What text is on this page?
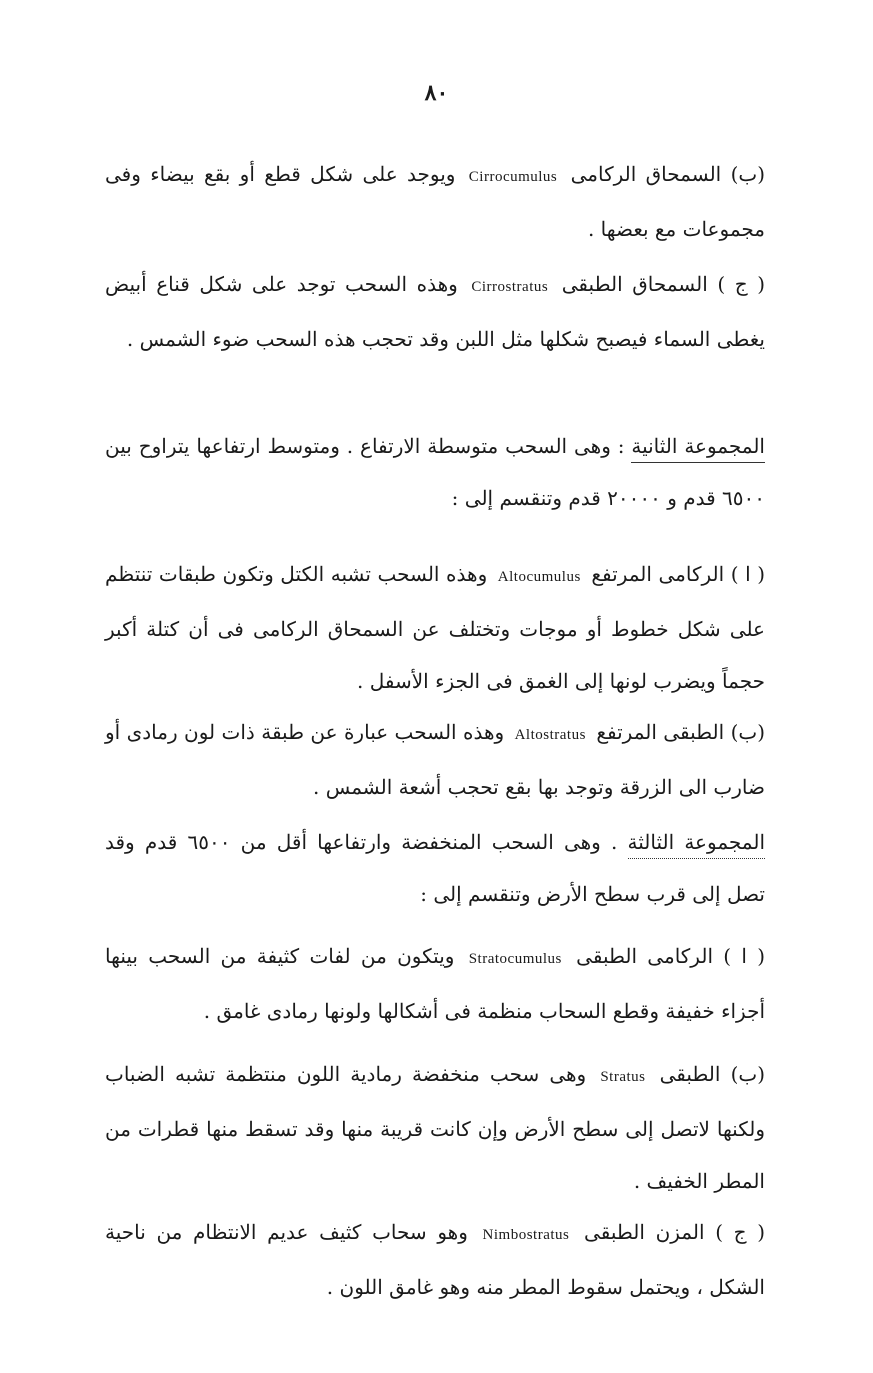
٨٠

(ب) السمحاق الركامى Cirrocumulus ويوجد على شكل قطع أو بقع بيضاء وفى مجموعات مع بعضها .

( ج ) السمحاق الطبقى Cirrostratus وهذه السحب توجد على شكل قناع أبيض يغطى السماء فيصبح شكلها مثل اللبن وقد تحجب هذه السحب ضوء الشمس .

المجموعة الثانية : وهى السحب متوسطة الارتفاع . ومتوسط ارتفاعها يتراوح بين ٦٥٠٠ قدم و ٢٠٠٠٠ قدم وتنقسم إلى :

( ا ) الركامى المرتفع Altocumulus وهذه السحب تشبه الكتل وتكون طبقات تنتظم على شكل خطوط أو موجات وتختلف عن السمحاق الركامى فى أن كتلة أكبر حجماً ويضرب لونها إلى الغمق فى الجزء الأسفل .

(ب) الطبقى المرتفع Altostratus وهذه السحب عبارة عن طبقة ذات لون رمادى أو ضارب الى الزرقة وتوجد بها بقع تحجب أشعة الشمس .

المجموعة الثالثة . وهى السحب المنخفضة وارتفاعها أقل من ٦٥٠٠ قدم وقد تصل إلى قرب سطح الأرض وتنقسم إلى :

( ا ) الركامى الطبقى Stratocumulus ويتكون من لفات كثيفة من السحب بينها أجزاء خفيفة وقطع السحاب منظمة فى أشكالها ولونها رمادى غامق .

(ب) الطبقى Stratus وهى سحب منخفضة رمادية اللون منتظمة تشبه الضباب ولكنها لاتصل إلى سطح الأرض وإن كانت قريبة منها وقد تسقط منها قطرات من المطر الخفيف .

( ج ) المزن الطبقى Nimbostratus وهو سحاب كثيف عديم الانتظام من ناحية الشكل ، ويحتمل سقوط المطر منه وهو غامق اللون .
